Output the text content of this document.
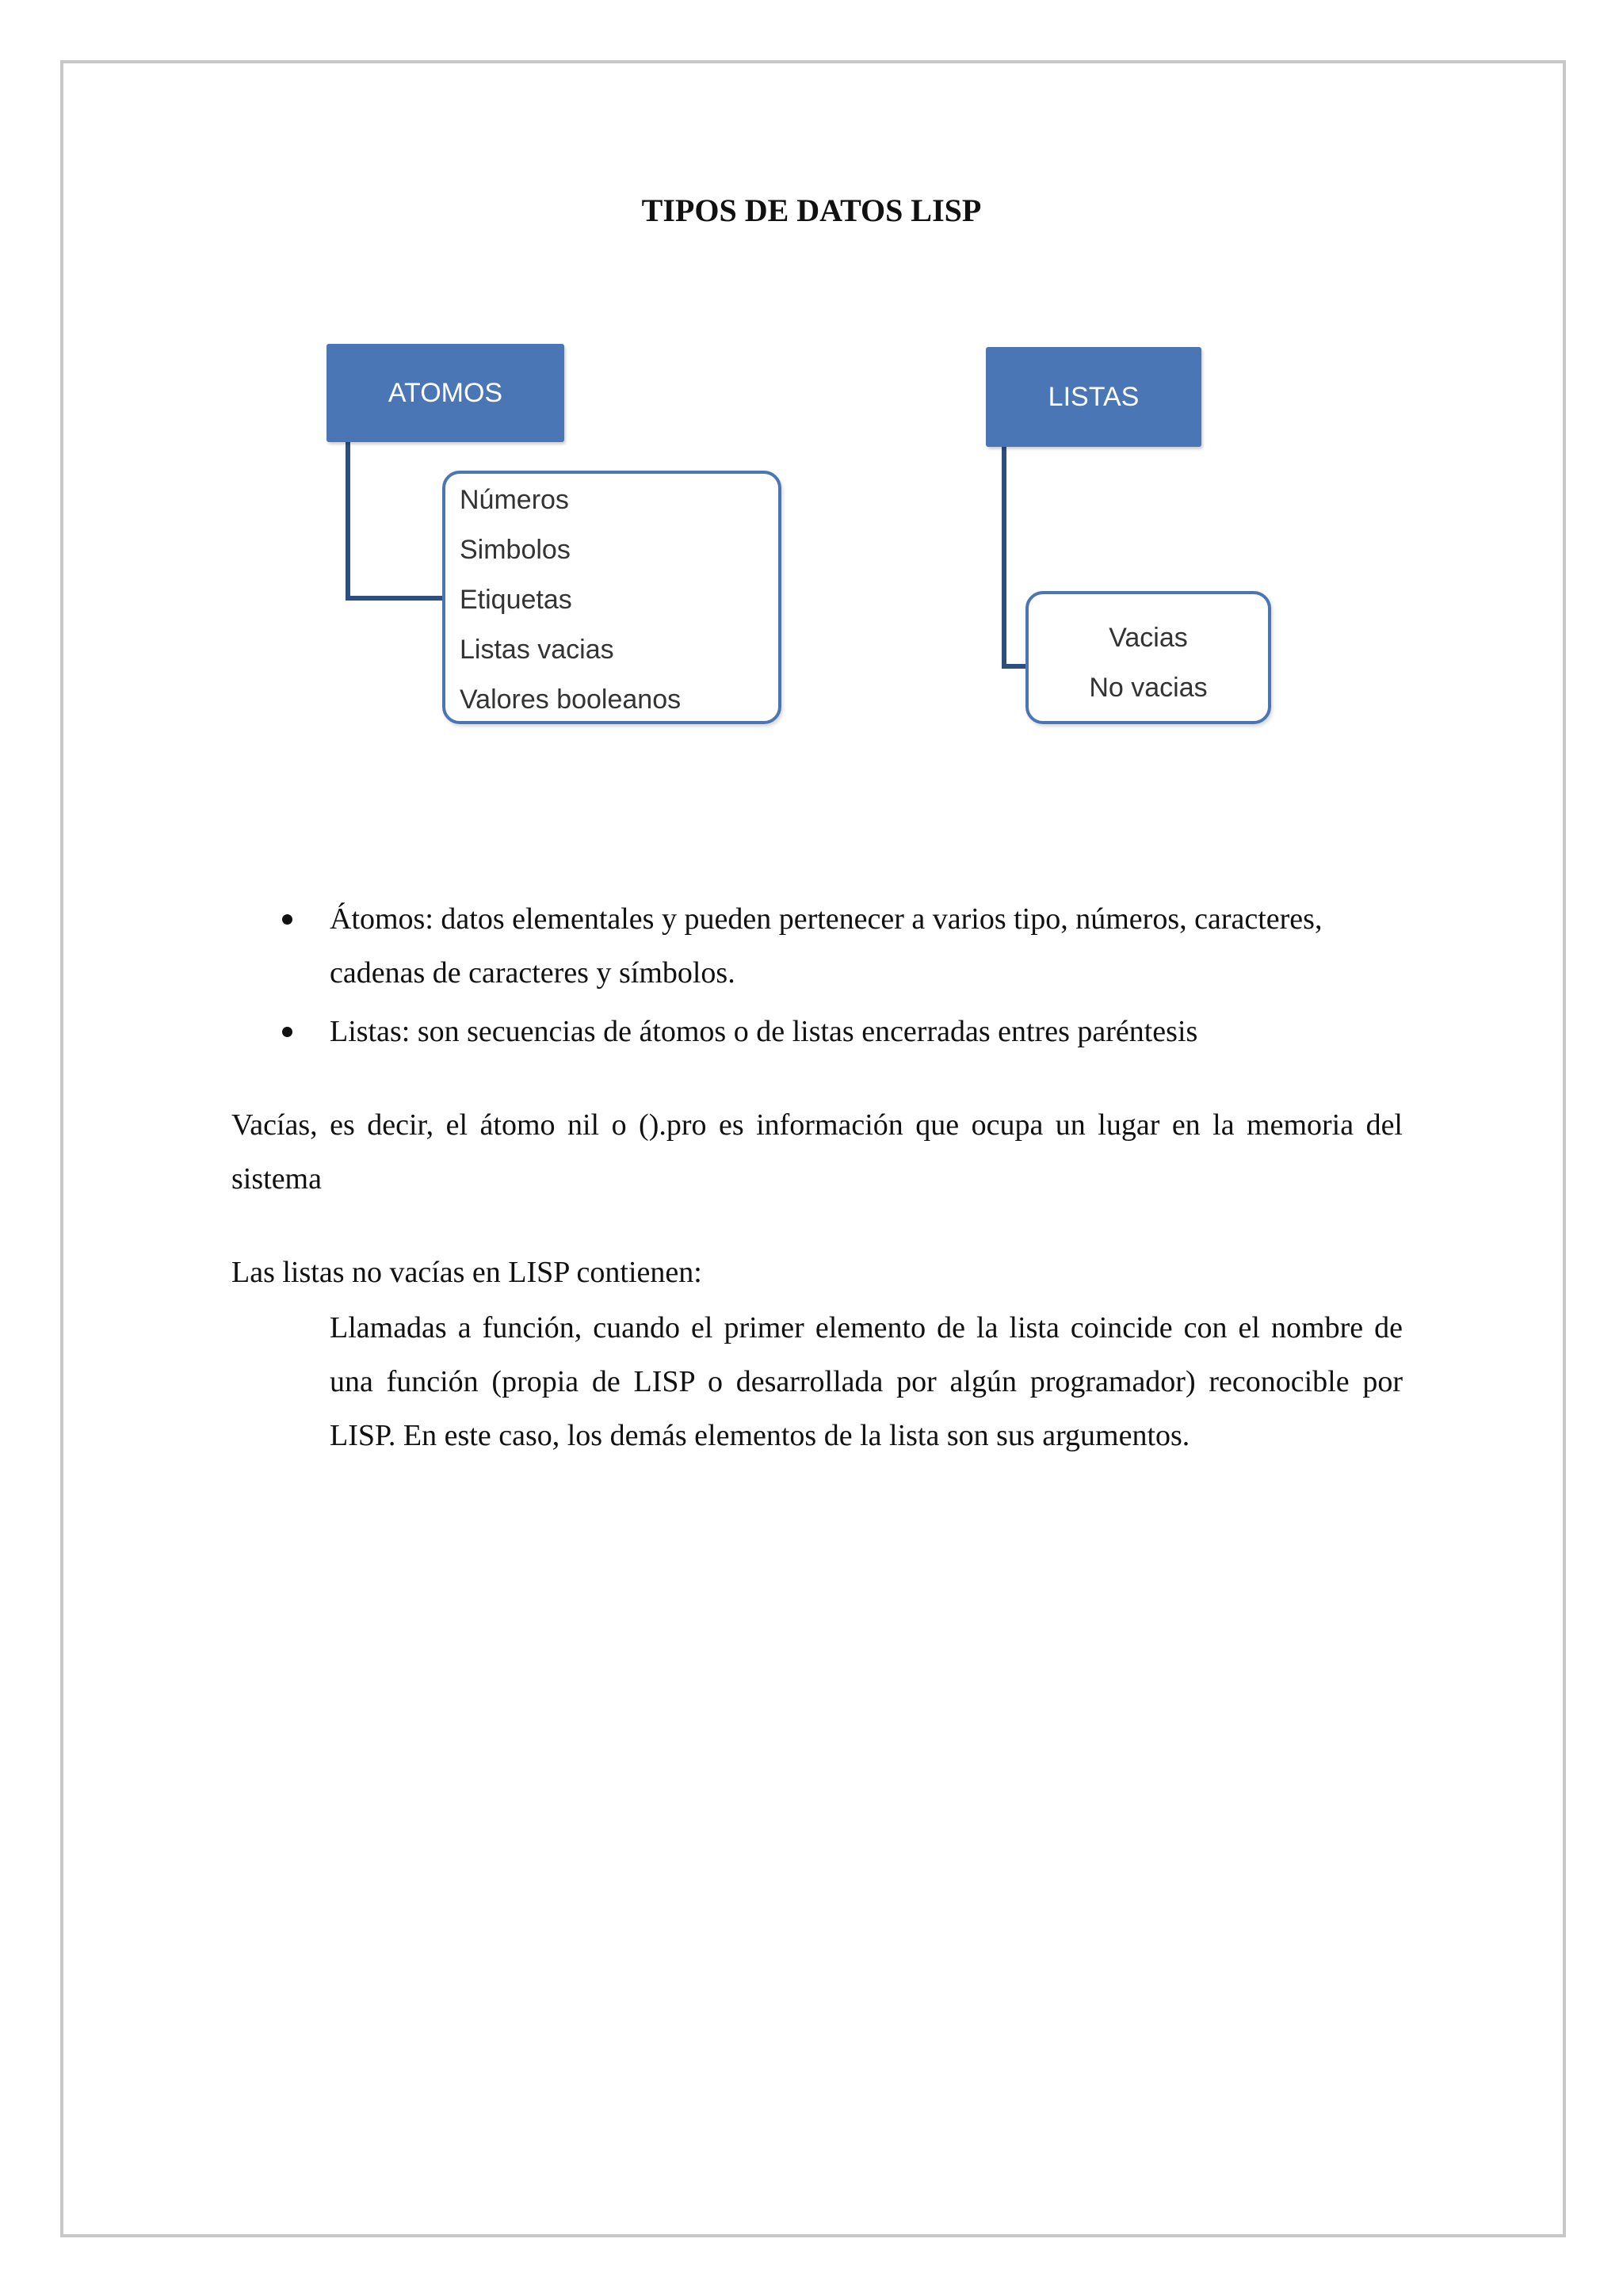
TIPOS DE DATOS LISP
ATOMOS
Números
Simbolos
Etiquetas
Listas vacias
Valores booleanos
LISTAS
Vacias
No vacias
Átomos: datos elementales y pueden pertenecer a varios tipo, números, caracteres, cadenas de caracteres y símbolos.
Listas: son secuencias de átomos o de listas encerradas entres paréntesis

Vacías, es decir, el átomo nil o ().pro es información que ocupa un lugar en la memoria del sistema

Las listas no vacías en LISP contienen:

Llamadas a función, cuando el primer elemento de la lista coincide con el nombre de una función (propia de LISP o desarrollada por algún programador) reconocible por LISP. En este caso, los demás elementos de la lista son sus argumentos.
